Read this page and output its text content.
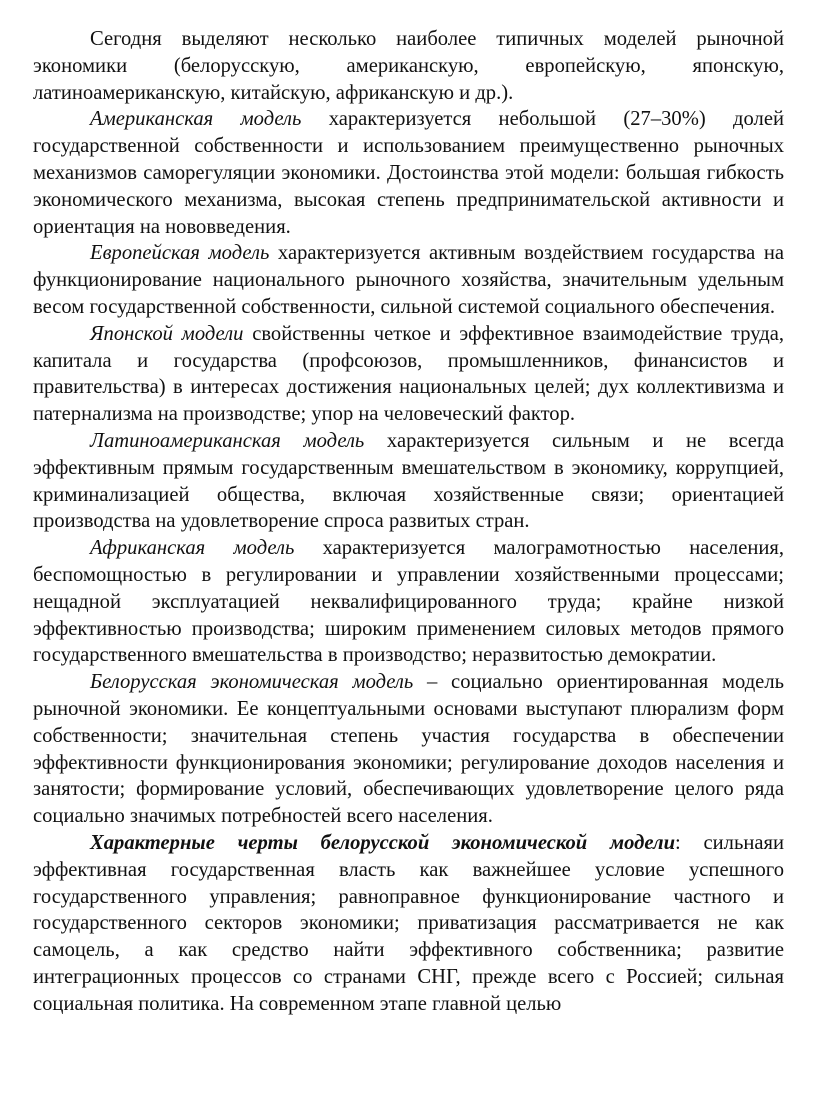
Сегодня выделяют несколько наиболее типичных моделей рыночной экономики (белорусскую, американскую, европейскую, японскую, латиноамериканскую, китайскую, африканскую и др.).

Американская модель характеризуется небольшой (27–30%) долей государственной собственности и использованием преимущественно рыночных механизмов саморегуляции экономики. Достоинства этой модели: большая гибкость экономического механизма, высокая степень предпринимательской активности и ориентация на нововведения.

Европейская модель характеризуется активным воздействием государства на функционирование национального рыночного хозяйства, значительным удельным весом государственной собственности, сильной системой социального обеспечения.

Японской модели свойственны четкое и эффективное взаимодействие труда, капитала и государства (профсоюзов, промышленников, финансистов и правительства) в интересах достижения национальных целей; дух коллективизма и патернализма на производстве; упор на человеческий фактор.

Латиноамериканская модель характеризуется сильным и не всегда эффективным прямым государственным вмешательством в экономику, коррупцией, криминализацией общества, включая хозяйственные связи; ориентацией производства на удовлетворение спроса развитых стран.

Африканская модель характеризуется малограмотностью населения, беспомощностью в регулировании и управлении хозяйственными процессами; нещадной эксплуатацией неквалифицированного труда; крайне низкой эффективностью производства; широким применением силовых методов прямого государственного вмешательства в производство; неразвитостью демократии.

Белорусская экономическая модель – социально ориентированная модель рыночной экономики. Ее концептуальными основами выступают плюрализм форм собственности; значительная степень участия государства в обеспечении эффективности функционирования экономики; регулирование доходов населения и занятости; формирование условий, обеспечивающих удовлетворение целого ряда социально значимых потребностей всего населения.

Характерные черты белорусской экономической модели: сильнаяи эффективная государственная власть как важнейшее условие успешного государственного управления; равноправное функционирование частного и государственного секторов экономики; приватизация рассматривается не как самоцель, а как средство найти эффективного собственника; развитие интеграционных процессов со странами СНГ, прежде всего с Россией; сильная социальная политика. На современном этапе главной целью
